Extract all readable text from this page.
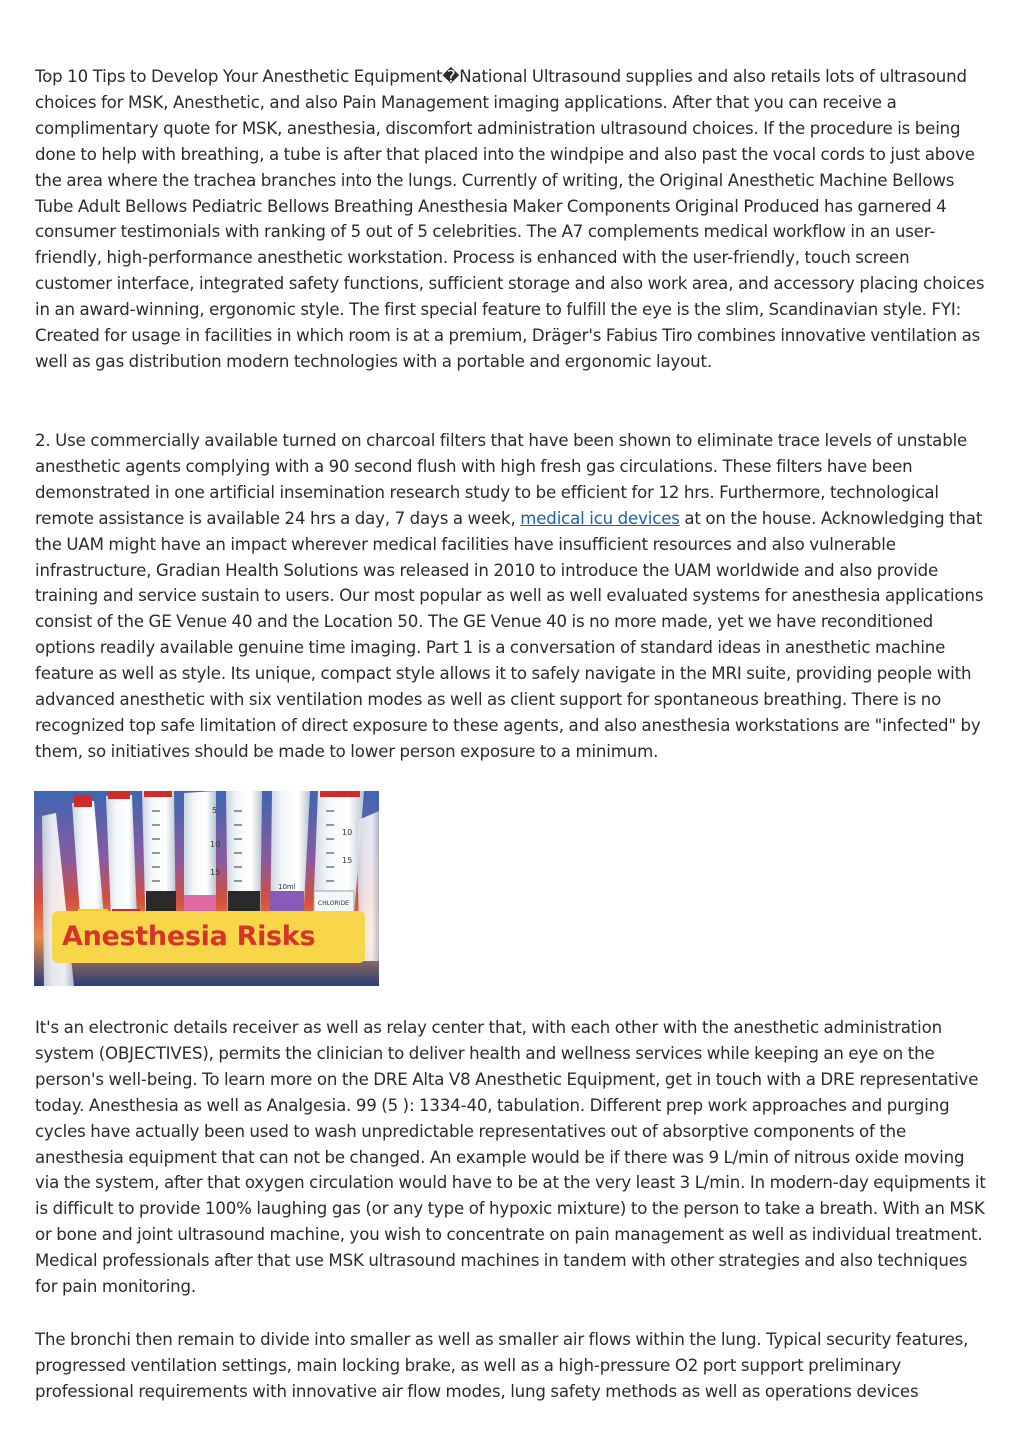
Top 10 Tips to Develop Your Anesthetic Equipment�National Ultrasound supplies and also retails lots of ultrasound choices for MSK, Anesthetic, and also Pain Management imaging applications. After that you can receive a complimentary quote for MSK, anesthesia, discomfort administration ultrasound choices. If the procedure is being done to help with breathing, a tube is after that placed into the windpipe and also past the vocal cords to just above the area where the trachea branches into the lungs. Currently of writing, the Original Anesthetic Machine Bellows Tube Adult Bellows Pediatric Bellows Breathing Anesthesia Maker Components Original Produced has garnered 4 consumer testimonials with ranking of 5 out of 5 celebrities. The A7 complements medical workflow in an user-friendly, high-performance anesthetic workstation. Process is enhanced with the user-friendly, touch screen customer interface, integrated safety functions, sufficient storage and also work area, and accessory placing choices in an award-winning, ergonomic style. The first special feature to fulfill the eye is the slim, Scandinavian style. FYI: Created for usage in facilities in which room is at a premium, Dräger's Fabius Tiro combines innovative ventilation as well as gas distribution modern technologies with a portable and ergonomic layout.

2. Use commercially available turned on charcoal filters that have been shown to eliminate trace levels of unstable anesthetic agents complying with a 90 second flush with high fresh gas circulations. These filters have been demonstrated in one artificial insemination research study to be efficient for 12 hrs. Furthermore, technological remote assistance is available 24 hrs a day, 7 days a week, medical icu devices at on the house. Acknowledging that the UAM might have an impact wherever medical facilities have insufficient resources and also vulnerable infrastructure, Gradian Health Solutions was released in 2010 to introduce the UAM worldwide and also provide training and service sustain to users. Our most popular as well as well evaluated systems for anesthesia applications consist of the GE Venue 40 and the Location 50. The GE Venue 40 is no more made, yet we have reconditioned options readily available genuine time imaging. Part 1 is a conversation of standard ideas in anesthetic machine feature as well as style. Its unique, compact style allows it to safely navigate in the MRI suite, providing people with advanced anesthetic with six ventilation modes as well as client support for spontaneous breathing. There is no recognized top safe limitation of direct exposure to these agents, and also anesthesia workstations are "infected" by them, so initiatives should be made to lower person exposure to a minimum.

5
10
15
10
15
10ml
CHLORIDE
Anesthesia Risks

It's an electronic details receiver as well as relay center that, with each other with the anesthetic administration system (OBJECTIVES), permits the clinician to deliver health and wellness services while keeping an eye on the person's well-being. To learn more on the DRE Alta V8 Anesthetic Equipment, get in touch with a DRE representative today. Anesthesia as well as Analgesia. 99 (5 ): 1334-40, tabulation. Different prep work approaches and purging cycles have actually been used to wash unpredictable representatives out of absorptive components of the anesthesia equipment that can not be changed. An example would be if there was 9 L/min of nitrous oxide moving via the system, after that oxygen circulation would have to be at the very least 3 L/min. In modern-day equipments it is difficult to provide 100% laughing gas (or any type of hypoxic mixture) to the person to take a breath. With an MSK or bone and joint ultrasound machine, you wish to concentrate on pain management as well as individual treatment. Medical professionals after that use MSK ultrasound machines in tandem with other strategies and also techniques for pain monitoring.

The bronchi then remain to divide into smaller as well as smaller air flows within the lung. Typical security features, progressed ventilation settings, main locking brake, as well as a high-pressure O2 port support preliminary professional requirements with innovative air flow modes, lung safety methods as well as operations devices
